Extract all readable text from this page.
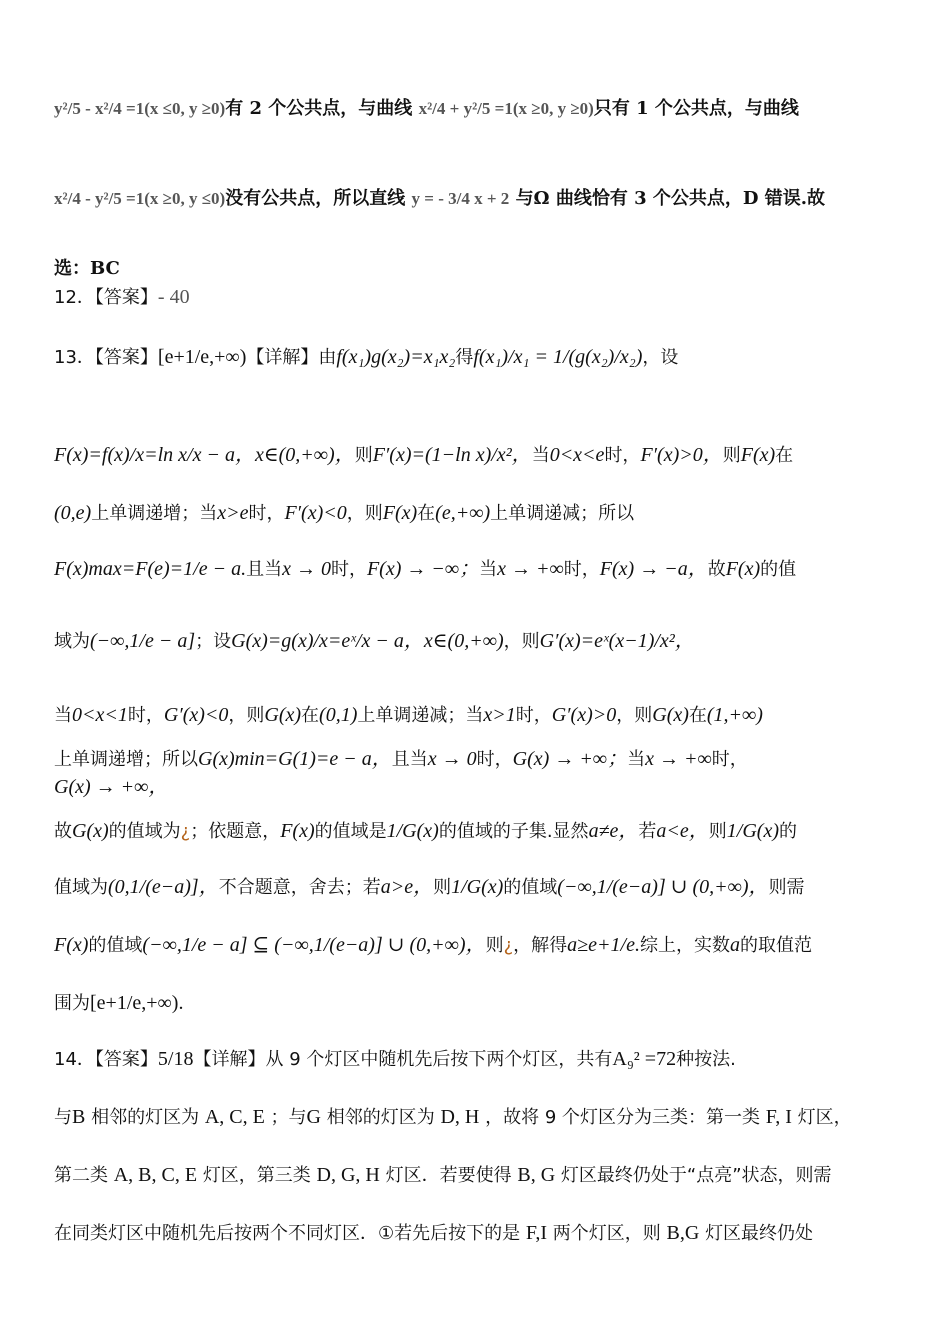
y²/5 - x²/4 =1(x ≤0, y ≥0)有 2 个公共点，与曲线 x²/4 + y²/5 =1(x ≥0, y ≥0)只有 1 个公共点，与曲线
x²/4 - y²/5 =1(x ≥0, y ≤0)没有公共点，所以直线 y = - 3/4 x + 2 与Ω 曲线恰有 3 个公共点，D 错误.故
选：BC
12．【答案】- 40
13．【答案】[e+1/e,+∞)【详解】由f(x₁)g(x₂)=x₁x₂得f(x₁)/x₁ = 1/(g(x₂)/x₂)，设
F(x)=f(x)/x=ln x/x − a，x∈(0,+∞)，则F′(x)=(1−ln x)/x²，当0<x<e时，F′(x)>0，则F(x)在
(0,e)上单调递增；当x>e时，F′(x)<0，则F(x)在(e,+∞)上单调递减；所以
F(x)max=F(e)=1/e − a.且当x → 0时，F(x) → −∞；当x → +∞时，F(x) → −a，故F(x)的值
域为(−∞,1/e − a]；设G(x)=g(x)/x=eˣ/x − a，x∈(0,+∞)，则G′(x)=eˣ(x−1)/x²，
当0<x<1时，G′(x)<0，则G(x)在(0,1)上单调递减；当x>1时，G′(x)>0，则G(x)在(1,+∞)
上单调递增；所以G(x)min=G(1)=e − a，且当x → 0时，G(x) → +∞；当x → +∞时，
G(x) → +∞，
故G(x)的值域为¿；依题意，F(x)的值域是1/G(x)的值域的子集.显然a≠e，若a<e，则1/G(x)的
值域为(0,1/(e−a)]，不合题意，舍去；若a>e，则1/G(x)的值域(−∞,1/(e−a)] ∪ (0,+∞)，则需
F(x)的值域(−∞,1/e − a] ⊆ (−∞,1/(e−a)] ∪ (0,+∞)，则¿，解得a≥e+1/e.综上，实数a的取值范
围为[e+1/e,+∞).
14．【答案】5/18【详解】从 9 个灯区中随机先后按下两个灯区，共有A₉² =72种按法.
与B 相邻的灯区为 A, C, E ；与G 相邻的灯区为 D, H ，故将 9 个灯区分为三类：第一类 F, I 灯区，
第二类 A, B, C, E 灯区，第三类 D, G, H 灯区．若要使得 B, G 灯区最终仍处于“点亮”状态，则需
在同类灯区中随机先后按两个不同灯区．①若先后按下的是 F,I 两个灯区，则 B,G 灯区最终仍处
